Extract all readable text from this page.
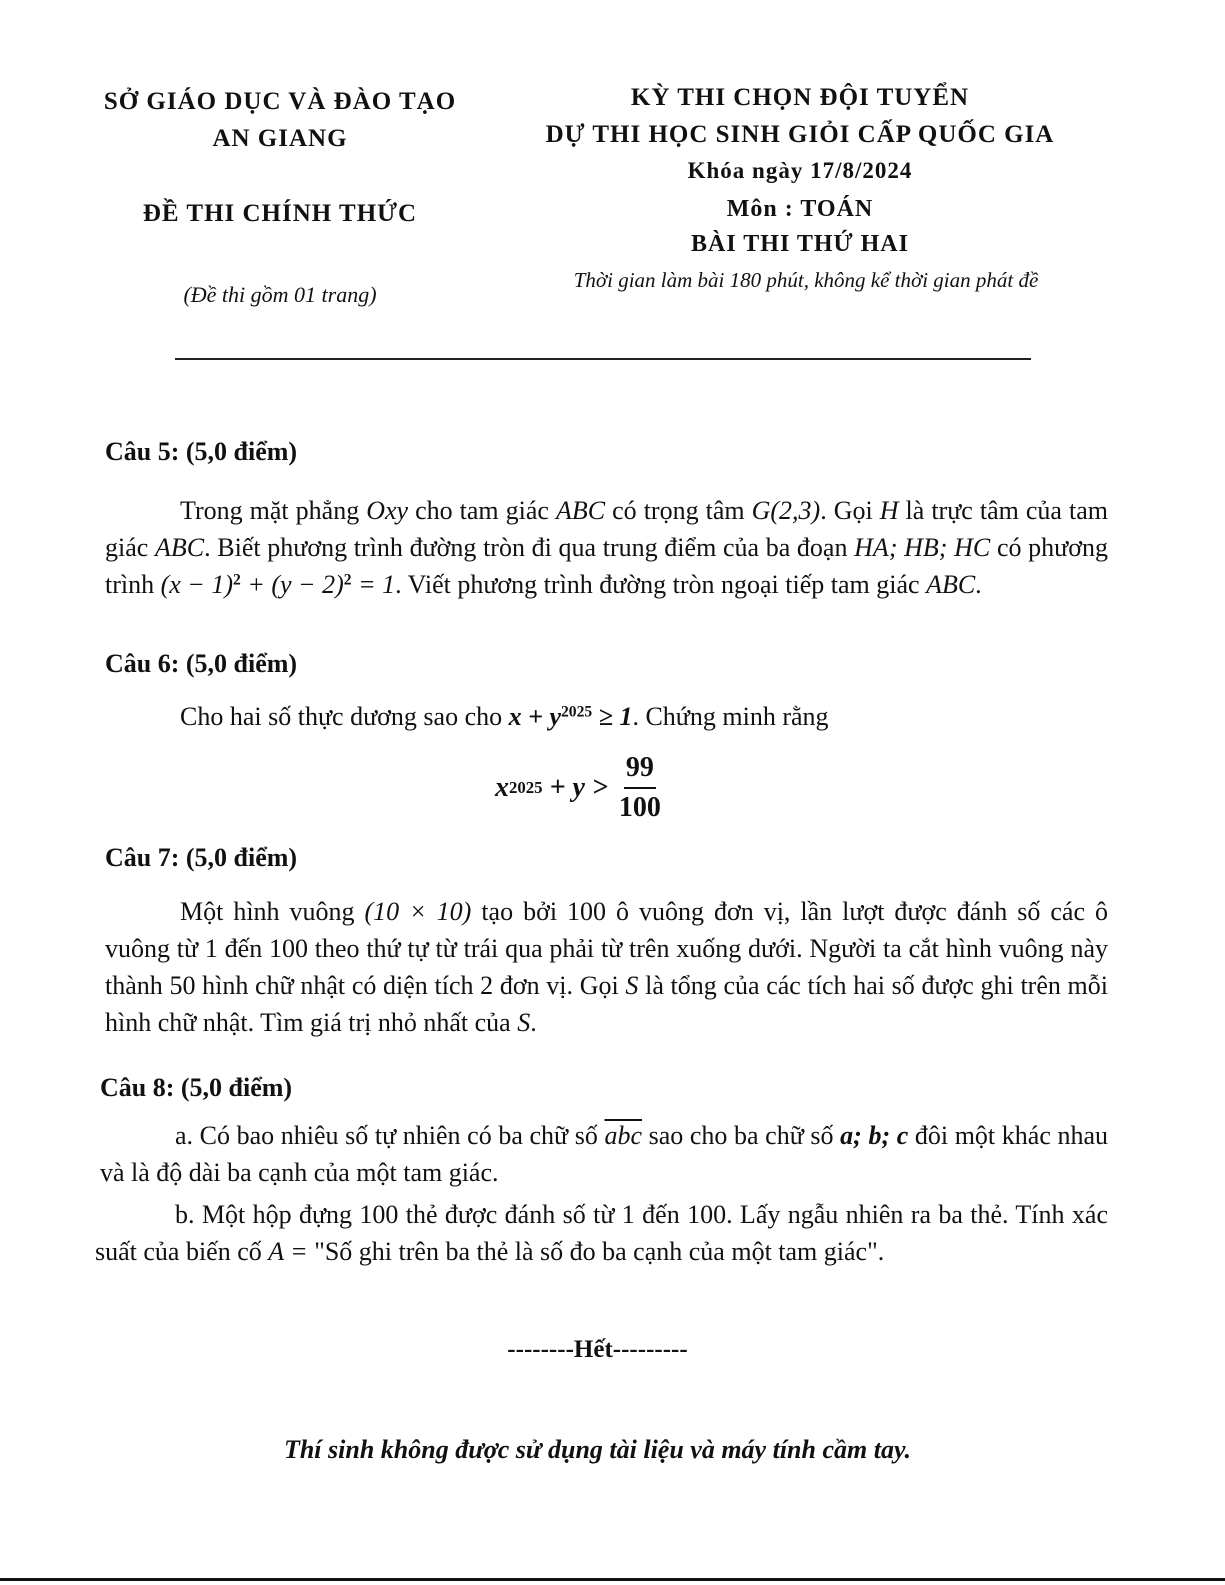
SỞ GIÁO DỤC VÀ ĐÀO TẠO
AN GIANG
ĐỀ THI CHÍNH THỨC
(Đề thi gồm 01 trang)
KỲ THI CHỌN ĐỘI TUYỂN
DỰ THI HỌC SINH GIỎI CẤP QUỐC GIA
Khóa ngày 17/8/2024
Môn : TOÁN
BÀI THI THỨ HAI
Thời gian làm bài 180 phút, không kể thời gian phát đề
Câu 5: (5,0 điểm)
Trong mặt phẳng Oxy cho tam giác ABC có trọng tâm G(2,3). Gọi H là trực tâm của tam giác ABC. Biết phương trình đường tròn đi qua trung điểm của ba đoạn HA; HB; HC có phương trình $(x - 1)^2 + (y - 2)^2 = 1$. Viết phương trình đường tròn ngoại tiếp tam giác ABC.
Câu 6: (5,0 điểm)
Cho hai số thực dương sao cho $x + y^{2025} \ge 1$. Chứng minh rằng
x $2025 + y > \frac{99}{100}$
Câu 7: (5,0 điểm)
Một hình vuông (10 × 10) tạo bởi 100 ô vuông đơn vị, lần lượt được đánh số các ô vuông từ 1 đến 100 theo thứ tự từ trái qua phải từ trên xuống dưới. Người ta cắt hình vuông này thành 50 hình chữ nhật có diện tích 2 đơn vị. Gọi S là tổng của các tích hai số được ghi trên mỗi hình chữ nhật. Tìm giá trị nhỏ nhất của S.
Câu 8: (5,0 điểm)
a. Có bao nhiêu số tự nhiên có ba chữ số $\overline{abc}$ sao cho ba chữ số a; b; c đôi một khác nhau và là độ dài ba cạnh của một tam giác.
b. Một hộp đựng 100 thẻ được đánh số từ 1 đến 100. Lấy ngẫu nhiên ra ba thẻ. Tính xác suất của biến cố A = "Số ghi trên ba thẻ là số đo ba cạnh của một tam giác".
--------Hết---------
Thí sinh không được sử dụng tài liệu và máy tính cầm tay.
